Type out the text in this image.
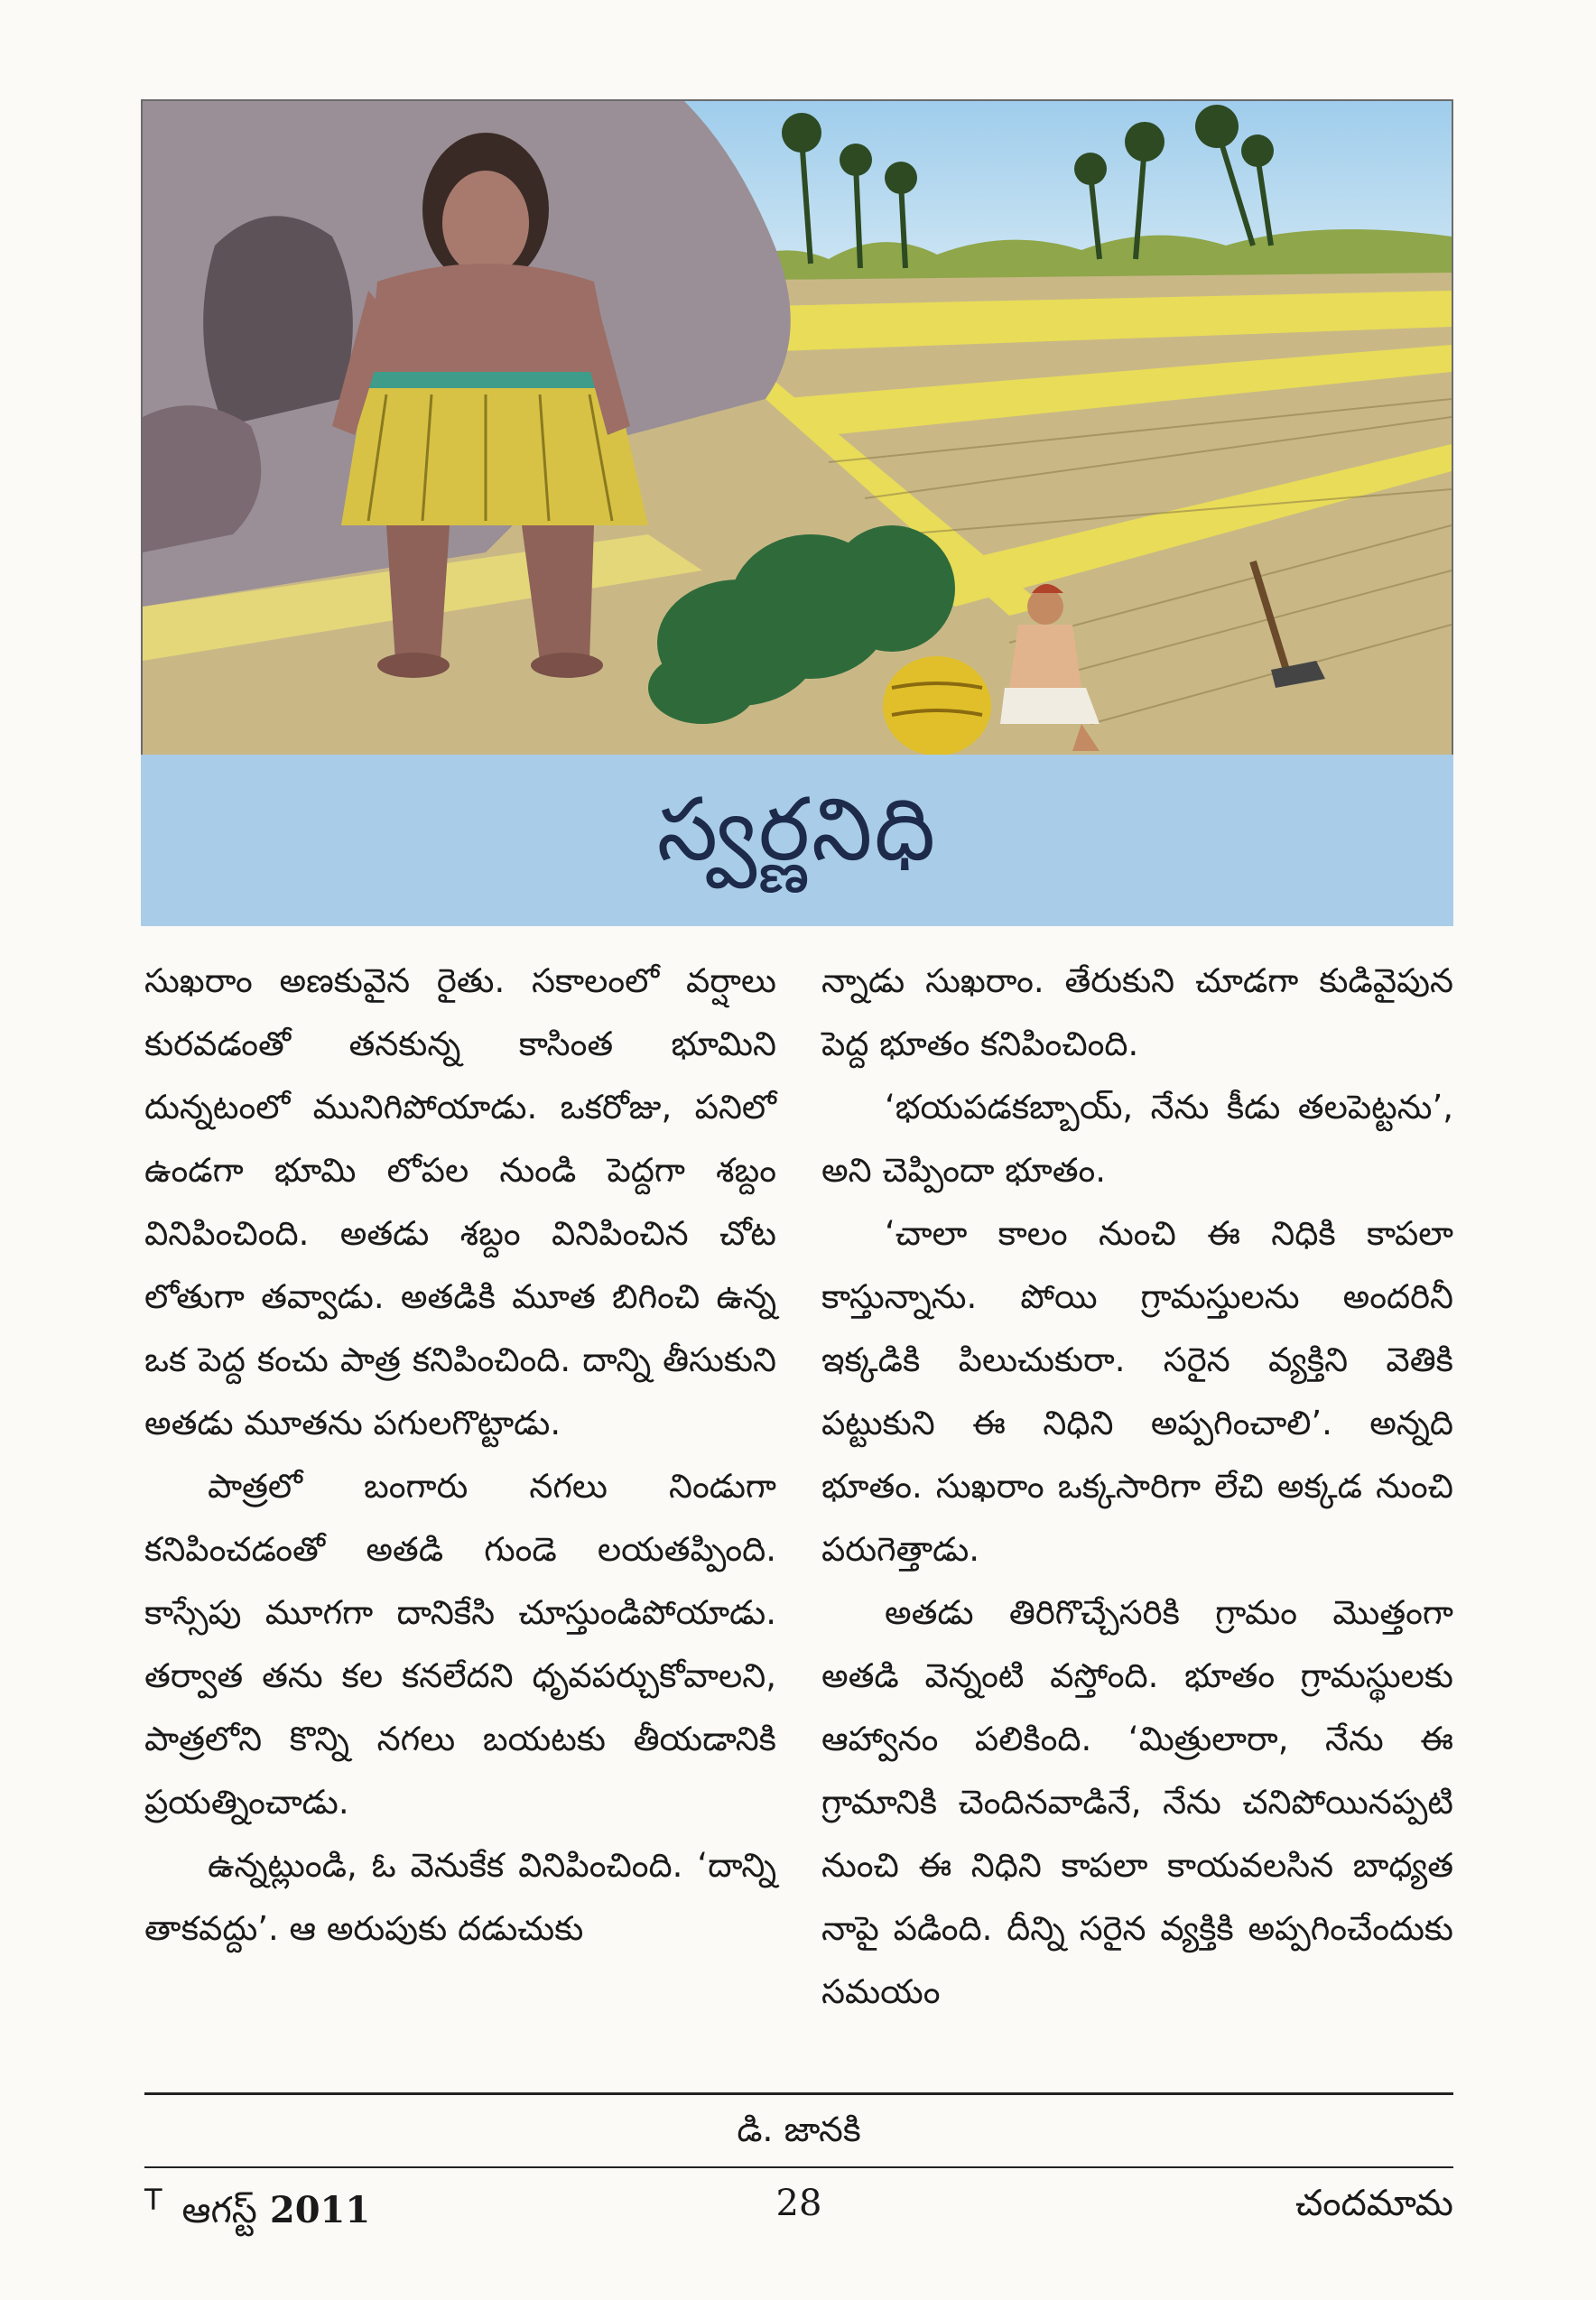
స్వర్ణనిధి

సుఖరాం అణకువైన రైతు. సకాలంలో వర్షాలు కురవడంతో తనకున్న కాసింత భూమిని దున్నటంలో మునిగిపోయాడు. ఒకరోజు, పనిలో ఉండగా భూమి లోపల నుండి పెద్దగా శబ్దం వినిపించింది. అతడు శబ్దం వినిపించిన చోట లోతుగా తవ్వాడు. అతడికి మూత బిగించి ఉన్న ఒక పెద్ద కంచు పాత్ర కనిపించింది. దాన్ని తీసుకుని అతడు మూతను పగులగొట్టాడు.

పాత్రలో బంగారు నగలు నిండుగా కనిపించడంతో అతడి గుండె లయతప్పింది. కాస్సేపు మూగగా దానికేసి చూస్తుండిపోయాడు. తర్వాత తను కల కనలేదని ధృవపర్చుకోవాలని, పాత్రలోని కొన్ని నగలు బయటకు తీయడానికి ప్రయత్నించాడు.

ఉన్నట్లుండి, ఓ వెనుకేక వినిపించింది. ‘దాన్ని తాకవద్దు’. ఆ అరుపుకు దడుచుకు

న్నాడు సుఖరాం. తేరుకుని చూడగా కుడివైపున పెద్ద భూతం కనిపించింది.

‘భయపడకబ్బాయ్, నేను కీడు తలపెట్టను’, అని చెప్పిందా భూతం.

‘చాలా కాలం నుంచి ఈ నిధికి కాపలా కాస్తున్నాను. పోయి గ్రామస్తులను అందరినీ ఇక్కడికి పిలుచుకురా. సరైన వ్యక్తిని వెతికి పట్టుకుని ఈ నిధిని అప్పగించాలి’. అన్నది భూతం. సుఖరాం ఒక్కసారిగా లేచి అక్కడ నుంచి పరుగెత్తాడు.

అతడు తిరిగొచ్చేసరికి గ్రామం మొత్తంగా అతడి వెన్నంటి వస్తోంది. భూతం గ్రామస్థులకు ఆహ్వానం పలికింది. ‘మిత్రులారా, నేను ఈ గ్రామానికి చెందినవాడినే, నేను చనిపోయినప్పటి నుంచి ఈ నిధిని కాపలా కాయవలసిన బాధ్యత నాపై పడింది. దీన్ని సరైన వ్యక్తికి అప్పగించేందుకు సమయం

డి. జానకి
$^T$ ఆగస్ట్ 2011	28	చందమామ
